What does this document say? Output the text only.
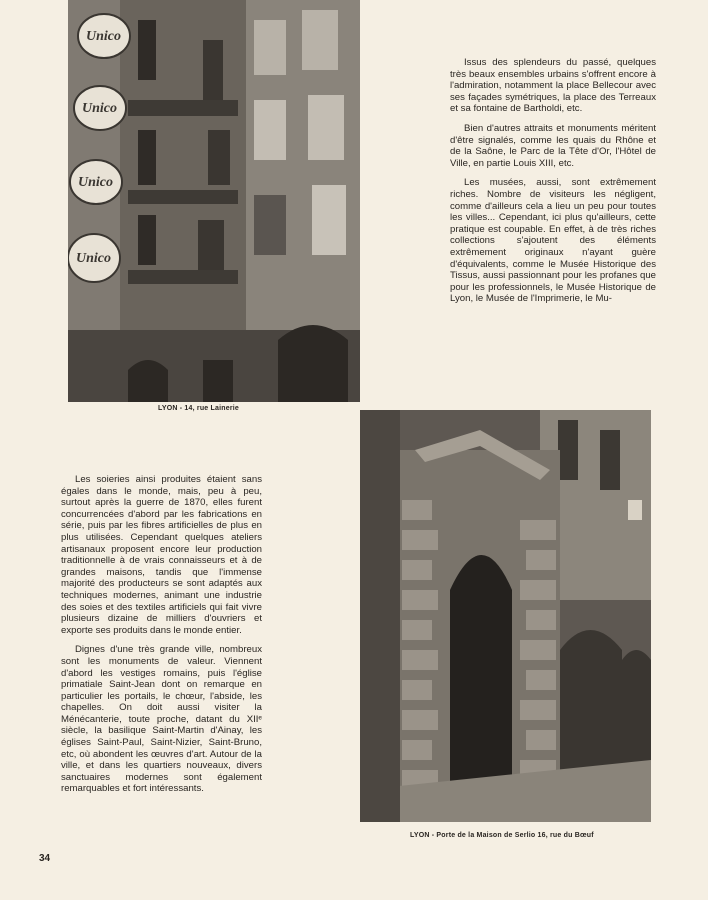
Unico
Unico
Unico
Unico
LYON - 14, rue Lainerie

Issus des splendeurs du passé, quelques très beaux ensembles urbains s'offrent encore à l'admiration, notamment la place Bellecour avec ses façades symétriques, la place des Terreaux et sa fontaine de Bartholdi, etc.

Bien d'autres attraits et monuments méritent d'être signalés, comme les quais du Rhône et de la Saône, le Parc de la Tête d'Or, l'Hôtel de Ville, en partie Louis XIII, etc.

Les musées, aussi, sont extrêmement riches. Nombre de visiteurs les négligent, comme d'ailleurs cela a lieu un peu pour toutes les villes... Cependant, ici plus qu'ailleurs, cette pratique est coupable. En effet, à de très riches collections s'ajoutent des éléments extrêmement originaux n'ayant guère d'équivalents, comme le Musée Historique des Tissus, aussi passionnant pour les profanes que pour les professionnels, le Musée Historique de Lyon, le Musée de l'Imprimerie, le Mu-

LYON - Porte de la Maison de Serlio 16, rue du Bœuf

Les soieries ainsi produites étaient sans égales dans le monde, mais, peu à peu, surtout après la guerre de 1870, elles furent concurrencées d'abord par les fabrications en série, puis par les fibres artificielles de plus en plus utilisées. Cependant quelques ateliers artisanaux proposent encore leur production traditionnelle à de vrais connaisseurs et à de grandes maisons, tandis que l'immense majorité des producteurs se sont adaptés aux techniques modernes, animant une industrie des soies et des textiles artificiels qui fait vivre plusieurs dizaine de milliers d'ouvriers et exporte ses produits dans le monde entier.

Dignes d'une très grande ville, nombreux sont les monuments de valeur. Viennent d'abord les vestiges romains, puis l'église primatiale Saint-Jean dont on remarque en particulier les portails, le chœur, l'abside, les chapelles. On doit aussi visiter la Ménécanterie, toute proche, datant du XIIᵉ siècle, la basilique Saint-Martin d'Ainay, les églises Saint-Paul, Saint-Nizier, Saint-Bruno, etc, où abondent les œuvres d'art. Autour de la ville, et dans les quartiers nouveaux, divers sanctuaires modernes sont également remarquables et fort intéressants.

34
